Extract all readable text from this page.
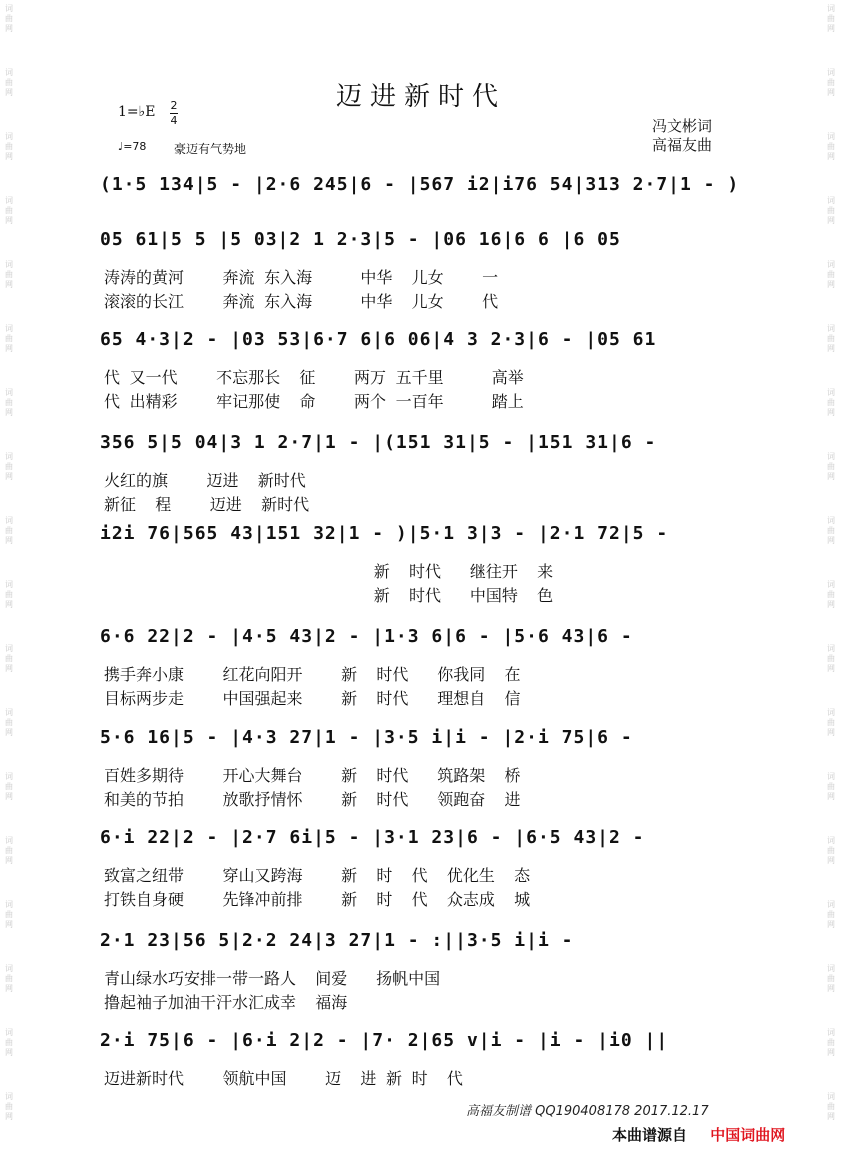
词
曲
网
词
曲
网
词
曲
网
词
曲
网
词
曲
网
词
曲
网
词
曲
网
词
曲
网
词
曲
网
词
曲
网
词
曲
网
词
曲
网
词
曲
网
词
曲
网
词
曲
网
词
曲
网
词
曲
网
词
曲
网
词
曲
网
词
曲
网
词
曲
网
词
曲
网
词
曲
网
词
曲
网
词
曲
网
词
曲
网
词
曲
网
词
曲
网
词
曲
网
词
曲
网
词
曲
网
词
曲
网
词
曲
网
词
曲
网
词
曲
网
词
曲
网
迈进新时代
1=♭E 2
4
♩=78 豪迈有气势地
冯文彬词
高福友曲
(1·5 134|5 - |2·6 245|6 - |567 i2|i76 54|313 2·7|1 - )
05 61|5 5 |5 03|2 1 2·3|5 - |06 16|6 6 |6 05
涛涛的黄河    奔流 东入海     中华  儿女    一
滚滚的长江    奔流 东入海     中华  儿女    代
65 4·3|2 - |03 53|6·7 6|6 06|4 3 2·3|6 - |05 61
代 又一代    不忘那长  征    两万 五千里     高举
代 出精彩    牢记那使  命    两个 一百年     踏上
356 5|5 04|3 1 2·7|1 - |(151 31|5 - |151 31|6 -
火红的旗    迈进  新时代
新征  程    迈进  新时代
i2i 76|565 43|151 32|1 - )|5·1 3|3 - |2·1 72|5 -
新  时代   继往开  来
新  时代   中国特  色
6·6 22|2 - |4·5 43|2 - |1·3 6|6 - |5·6 43|6 -
携手奔小康    红花向阳开    新  时代   你我同  在
目标两步走    中国强起来    新  时代   理想自  信
5·6 16|5 - |4·3 27|1 - |3·5 i|i - |2·i 75|6 -
百姓多期待    开心大舞台    新  时代   筑路架  桥
和美的节拍    放歌抒情怀    新  时代   领跑奋  进
6·i 22|2 - |2·7 6i|5 - |3·1 23|6 - |6·5 43|2 -
致富之纽带    穿山又跨海    新  时  代  优化生  态
打铁自身硬    先锋冲前排    新  时  代  众志成  城
2·1 23|56 5|2·2 24|3 27|1 - :||3·5 i|i -
青山绿水巧安排一带一路人  间爱   扬帆中国
撸起袖子加油干汗水汇成幸  福海
2·i 75|6 - |6·i 2|2 - |7· 2|65 v|i - |i - |i0 ||
迈进新时代    领航中国    迈  进 新 时  代
高福友制谱 QQ190408178 2017.12.17
本曲谱源自 中国词曲网
